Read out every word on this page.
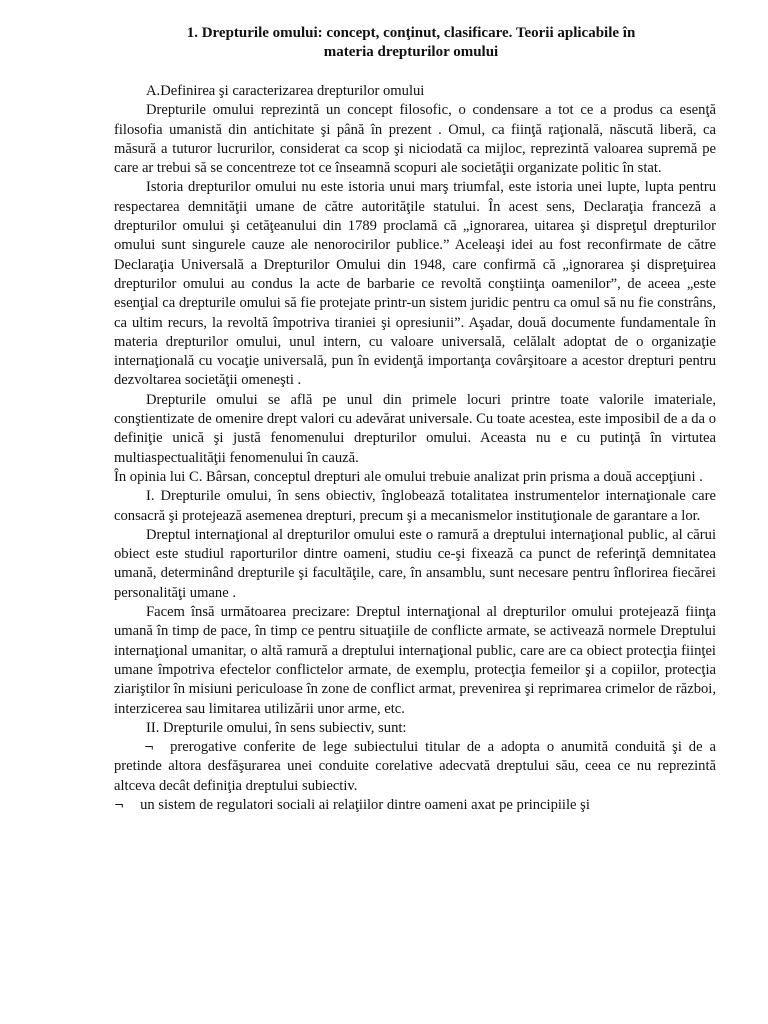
1. Drepturile omului: concept, conţinut, clasificare. Teorii aplicabile în
materia drepturilor omului

A.Definirea şi caracterizarea drepturilor omului

Drepturile omului reprezintă un concept filosofic, o condensare a tot ce a produs ca esenţă filosofia umanistă din antichitate şi până în prezent . Omul, ca fiinţă raţională, născută liberă, ca măsură a tuturor lucrurilor, considerat ca scop şi niciodată ca mijloc, reprezintă valoarea supremă pe care ar trebui să se concentreze tot ce înseamnă scopuri ale societăţii organizate politic în stat.

Istoria drepturilor omului nu este istoria unui marş triumfal, este istoria unei lupte, lupta pentru respectarea demnităţii umane de către autorităţile statului. În acest sens, Declaraţia franceză a drepturilor omului şi cetăţeanului din 1789 proclamă că „ignorarea, uitarea şi dispreţul drepturilor omului sunt singurele cauze ale nenorocirilor publice.” Aceleaşi idei au fost reconfirmate de către Declaraţia Universală a Drepturilor Omului din 1948, care confirmă că „ignorarea şi dispreţuirea drepturilor omului au condus la acte de barbarie ce revoltă conştiinţa oamenilor”, de aceea „este esenţial ca drepturile omului să fie protejate printr-un sistem juridic pentru ca omul să nu fie constrâns, ca ultim recurs, la revoltă împotriva tiraniei şi opresiunii”. Aşadar, două documente fundamentale în materia drepturilor omului, unul intern, cu valoare universală, celălalt adoptat de o organizaţie internaţională cu vocaţie universală, pun în evidenţă importanţa covârşitoare a acestor drepturi pentru dezvoltarea societăţii omeneşti .

Drepturile omului se află pe unul din primele locuri printre toate valorile imateriale, conştientizate de omenire drept valori cu adevărat universale. Cu toate acestea, este imposibil de a da o definiţie unică şi justă fenomenului drepturilor omului. Aceasta nu e cu putinţă în virtutea multiaspectualităţii fenomenului în cauză.

În opinia lui C. Bârsan, conceptul drepturi ale omului trebuie analizat prin prisma a două accepţiuni .

I. Drepturile omului, în sens obiectiv, înglobează totalitatea instrumentelor internaţionale care consacră şi protejează asemenea drepturi, precum şi a mecanismelor instituţionale de garantare a lor.

Dreptul internaţional al drepturilor omului este o ramură a dreptului internaţional public, al cărui obiect este studiul raporturilor dintre oameni, studiu ce-şi fixează ca punct de referinţă demnitatea umană, determinând drepturile şi facultăţile, care, în ansamblu, sunt necesare pentru înflorirea fiecărei personalităţi umane .

Facem însă următoarea precizare: Dreptul internaţional al drepturilor omului protejează fiinţa umană în timp de pace, în timp ce pentru situaţiile de conflicte armate, se activează normele Dreptului internaţional umanitar, o altă ramură a dreptului internaţional public, care are ca obiect protecţia fiinţei umane împotriva efectelor conflictelor armate, de exemplu, protecţia femeilor şi a copiilor, protecţia ziariştilor în misiuni periculoase în zone de conflict armat, prevenirea şi reprimarea crimelor de război, interzicerea sau limitarea utilizării unor arme, etc.

II. Drepturile omului, în sens subiectiv, sunt:

¬ prerogative conferite de lege subiectului titular de a adopta o anumită conduită şi de a pretinde altora desfăşurarea unei conduite corelative adecvată dreptului său, ceea ce nu reprezintă altceva decât definiţia dreptului subiectiv.

¬ un sistem de regulatori sociali ai relaţiilor dintre oameni axat pe principiile şi
